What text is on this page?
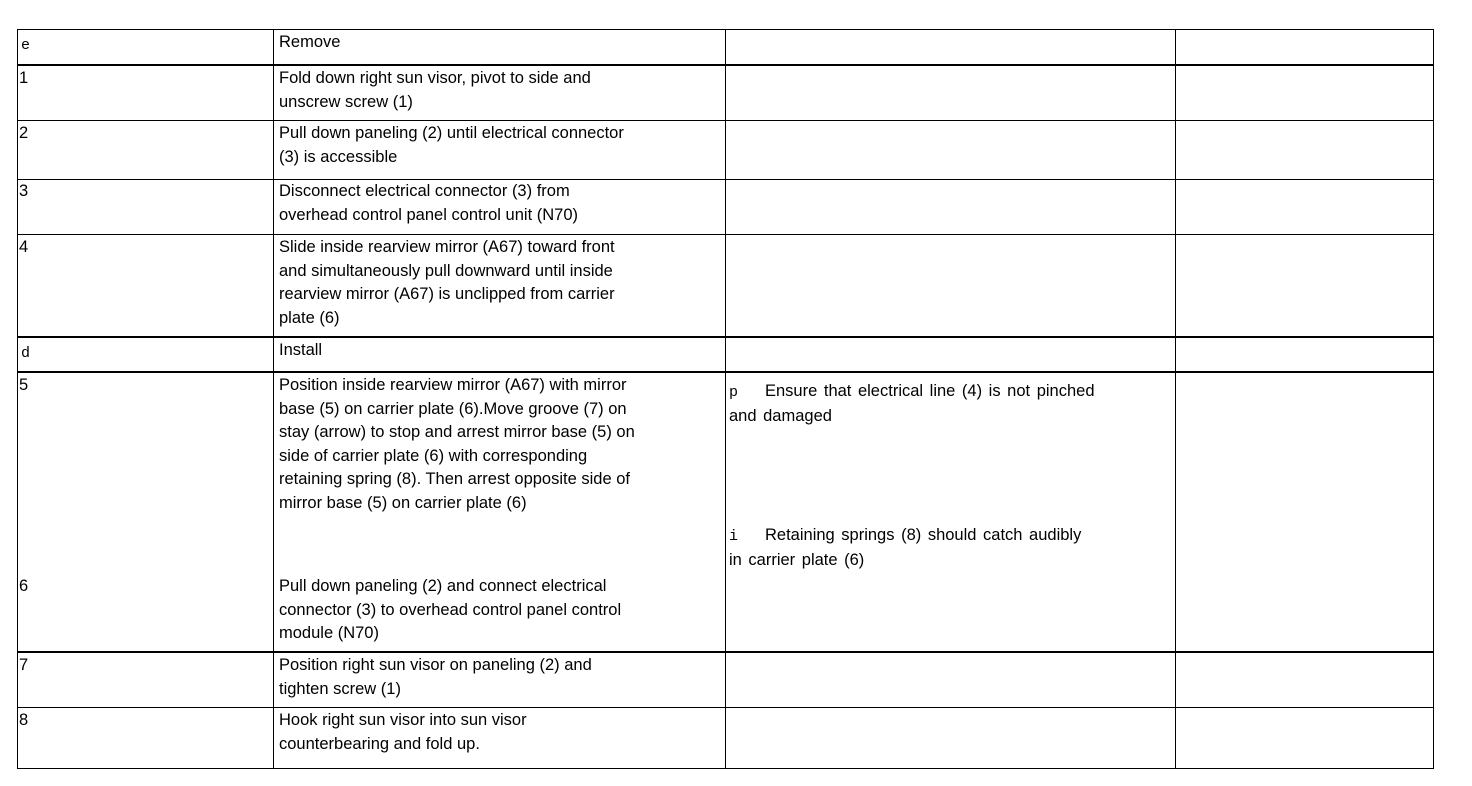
e	Remove
1	Fold down right sun visor, pivot to side and
unscrew screw (1)
2	Pull down paneling (2) until electrical connector
(3) is accessible
3	Disconnect electrical connector (3) from
overhead control panel control unit (N70)
4	Slide inside rearview mirror (A67) toward front
and simultaneously pull downward until inside
rearview mirror (A67) is unclipped from carrier
plate (6)
d	Install
5	Position inside rearview mirror (A67) with mirror
base (5) on carrier plate (6).Move groove (7) on
stay (arrow) to stop and arrest mirror base (5) on
side of carrier plate (6) with corresponding
retaining spring (8). Then arrest opposite side of
mirror base (5) on carrier plate (6)
p Ensure that electrical line (4) is not pinched
and damaged
i Retaining springs (8) should catch audibly
in carrier plate (6)
6	Pull down paneling (2) and connect electrical
connector (3) to overhead control panel control
module (N70)
7	Position right sun visor on paneling (2) and
tighten screw (1)
8	Hook right sun visor into sun visor
counterbearing and fold up.
